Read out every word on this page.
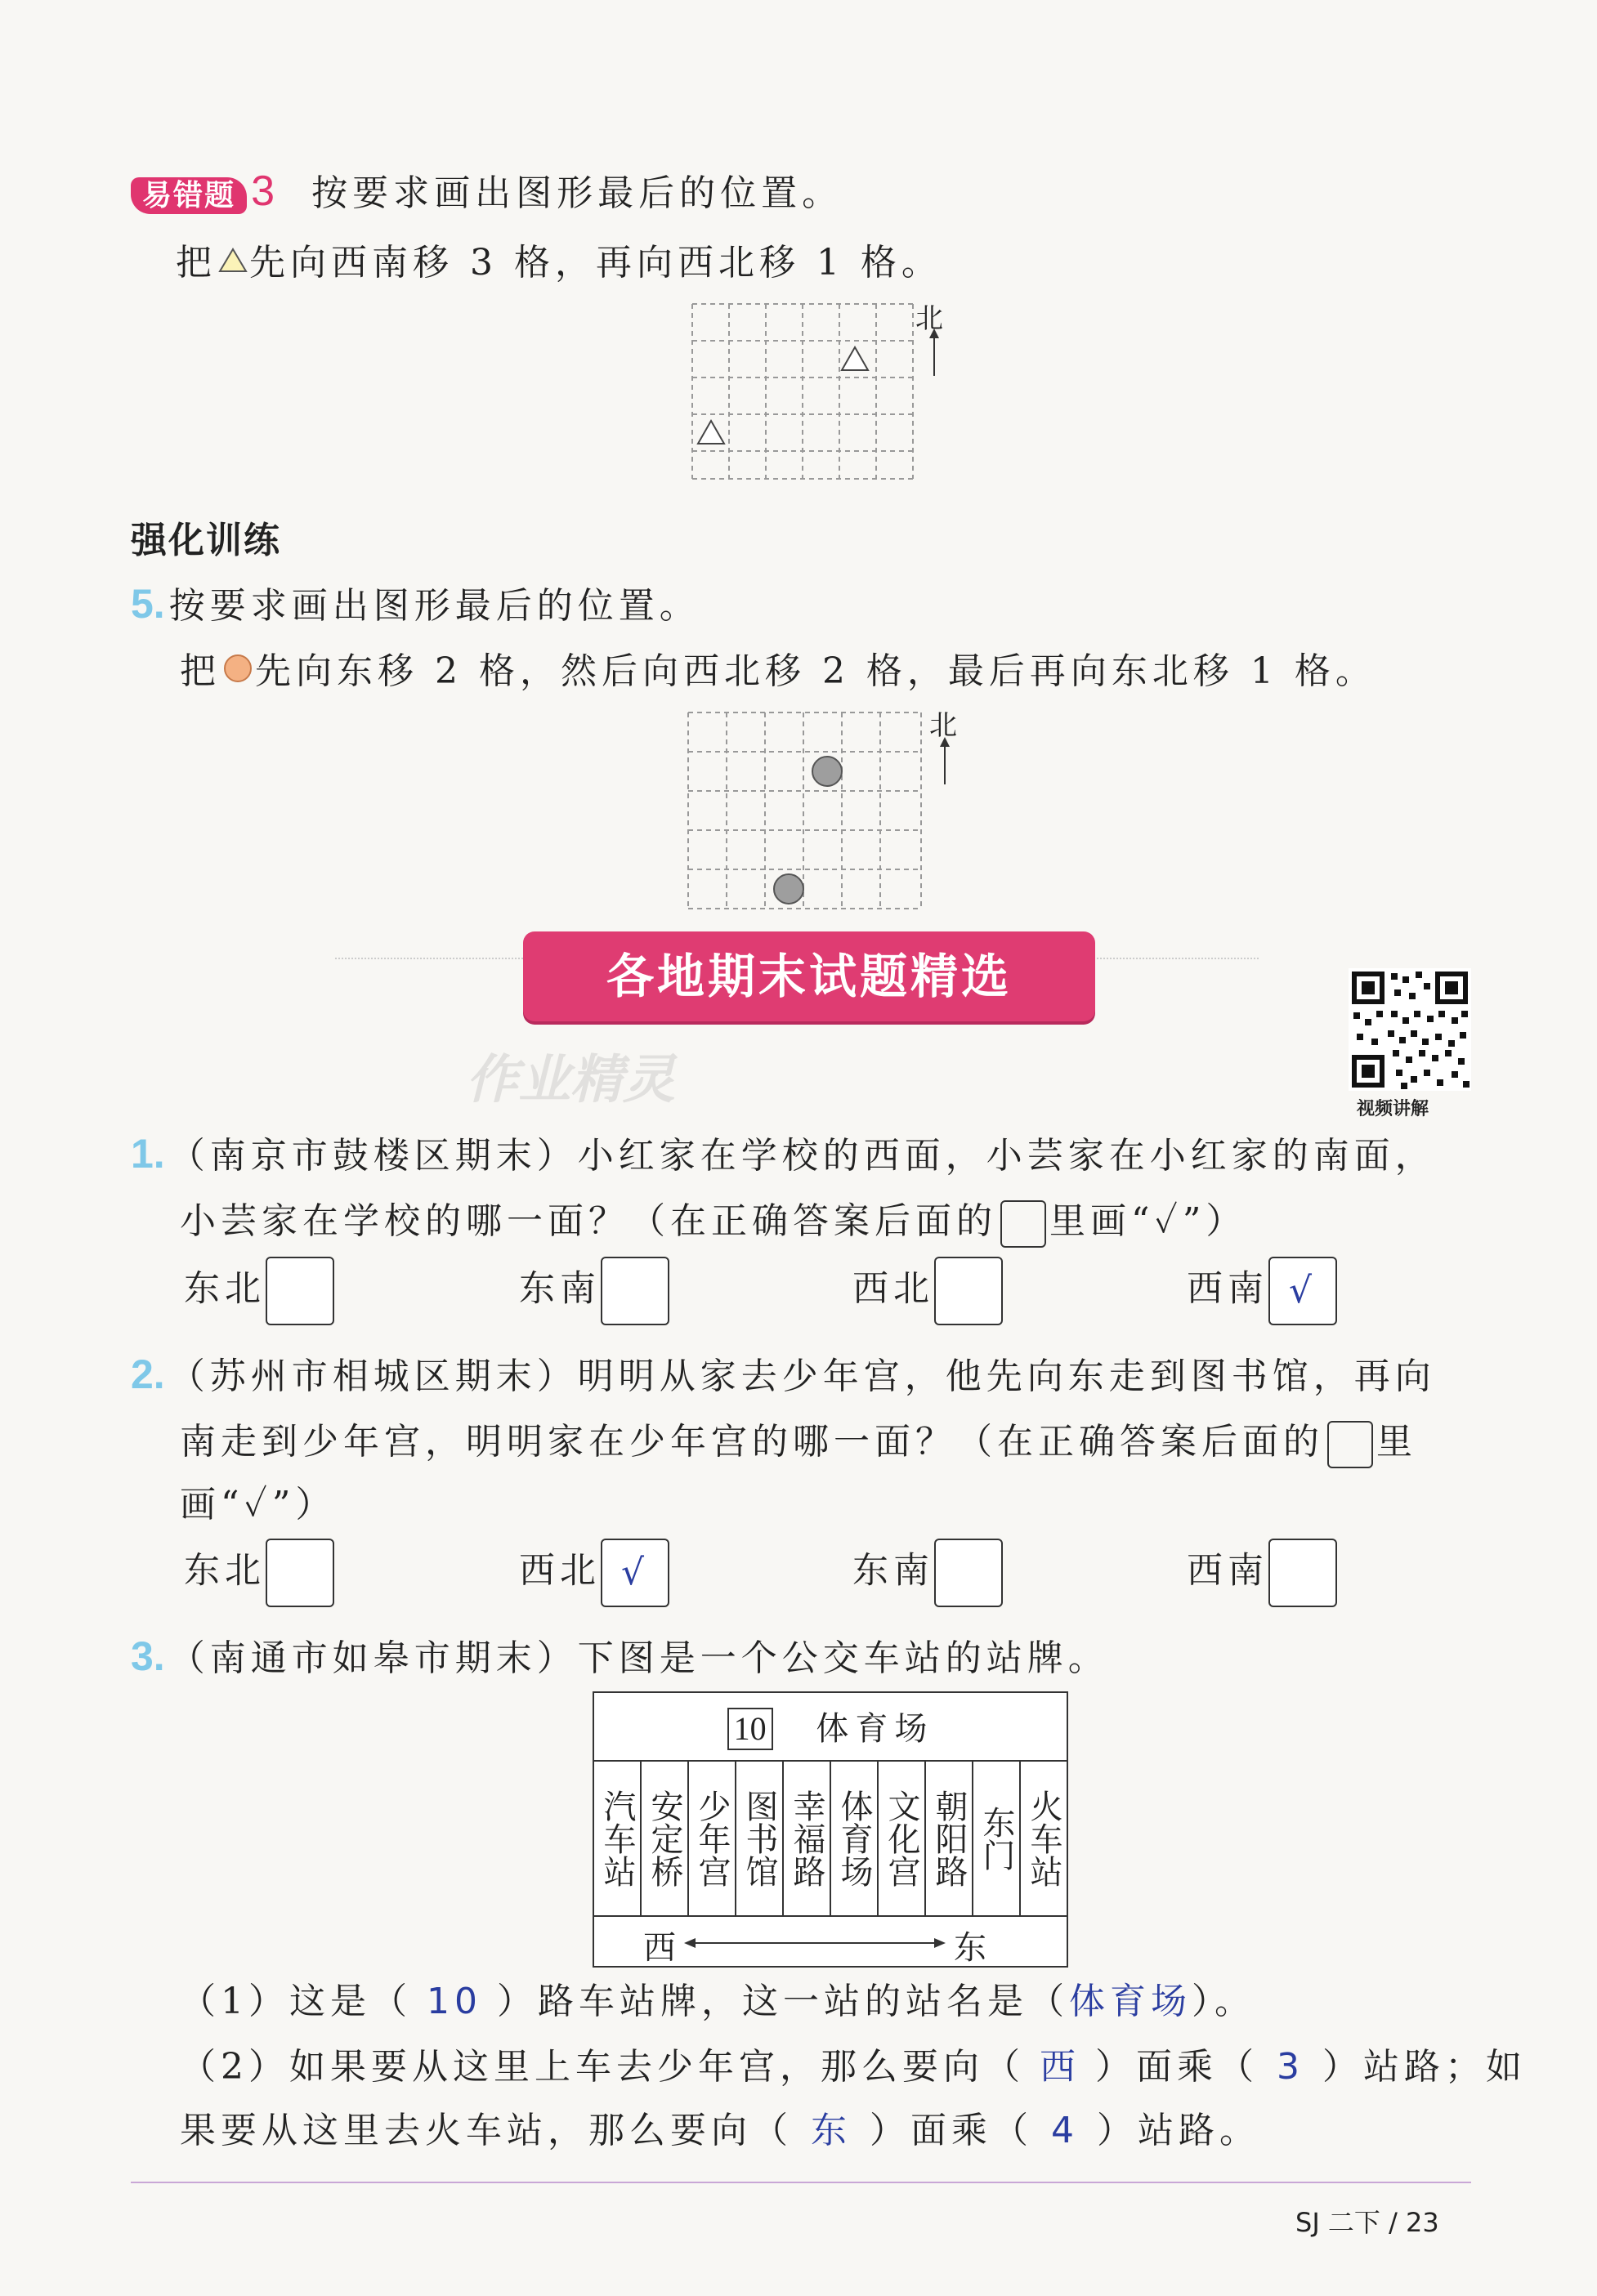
易错题 3 按要求画出图形最后的位置。
把 先向西南移 3 格，再向西北移 1 格。
北
强化训练
5. 按要求画出图形最后的位置。
把 先向东移 2 格，然后向西北移 2 格，最后再向东北移 1 格。
北
各地期末试题精选
视频讲解
作业精灵
1. （南京市鼓楼区期末）小红家在学校的西面，小芸家在小红家的南面，
小芸家在学校的哪一面？（在正确答案后面的 里画“✓”）
东北	东南	西北	西南 √
2. （苏州市相城区期末）明明从家去少年宫，他先向东走到图书馆，再向
南走到少年宫，明明家在少年宫的哪一面？（在正确答案后面的 里
画“✓”）
东北	西北 √	东南	西南
3. （南通市如皋市期末）下图是一个公交车站的站牌。
10 体育场
汽车站	安定桥	少年宫	图书馆	幸福路	体育场	文化宫	朝阳路	东门	火车站

西	东
（1）这是（ 10 ）路车站牌，这一站的站名是（体育场）。
（2）如果要从这里上车去少年宫，那么要向（ 西 ）面乘（ 3 ）站路；如
果要从这里去火车站，那么要向（ 东 ）面乘（ 4 ）站路。
SJ 二下 / 23
